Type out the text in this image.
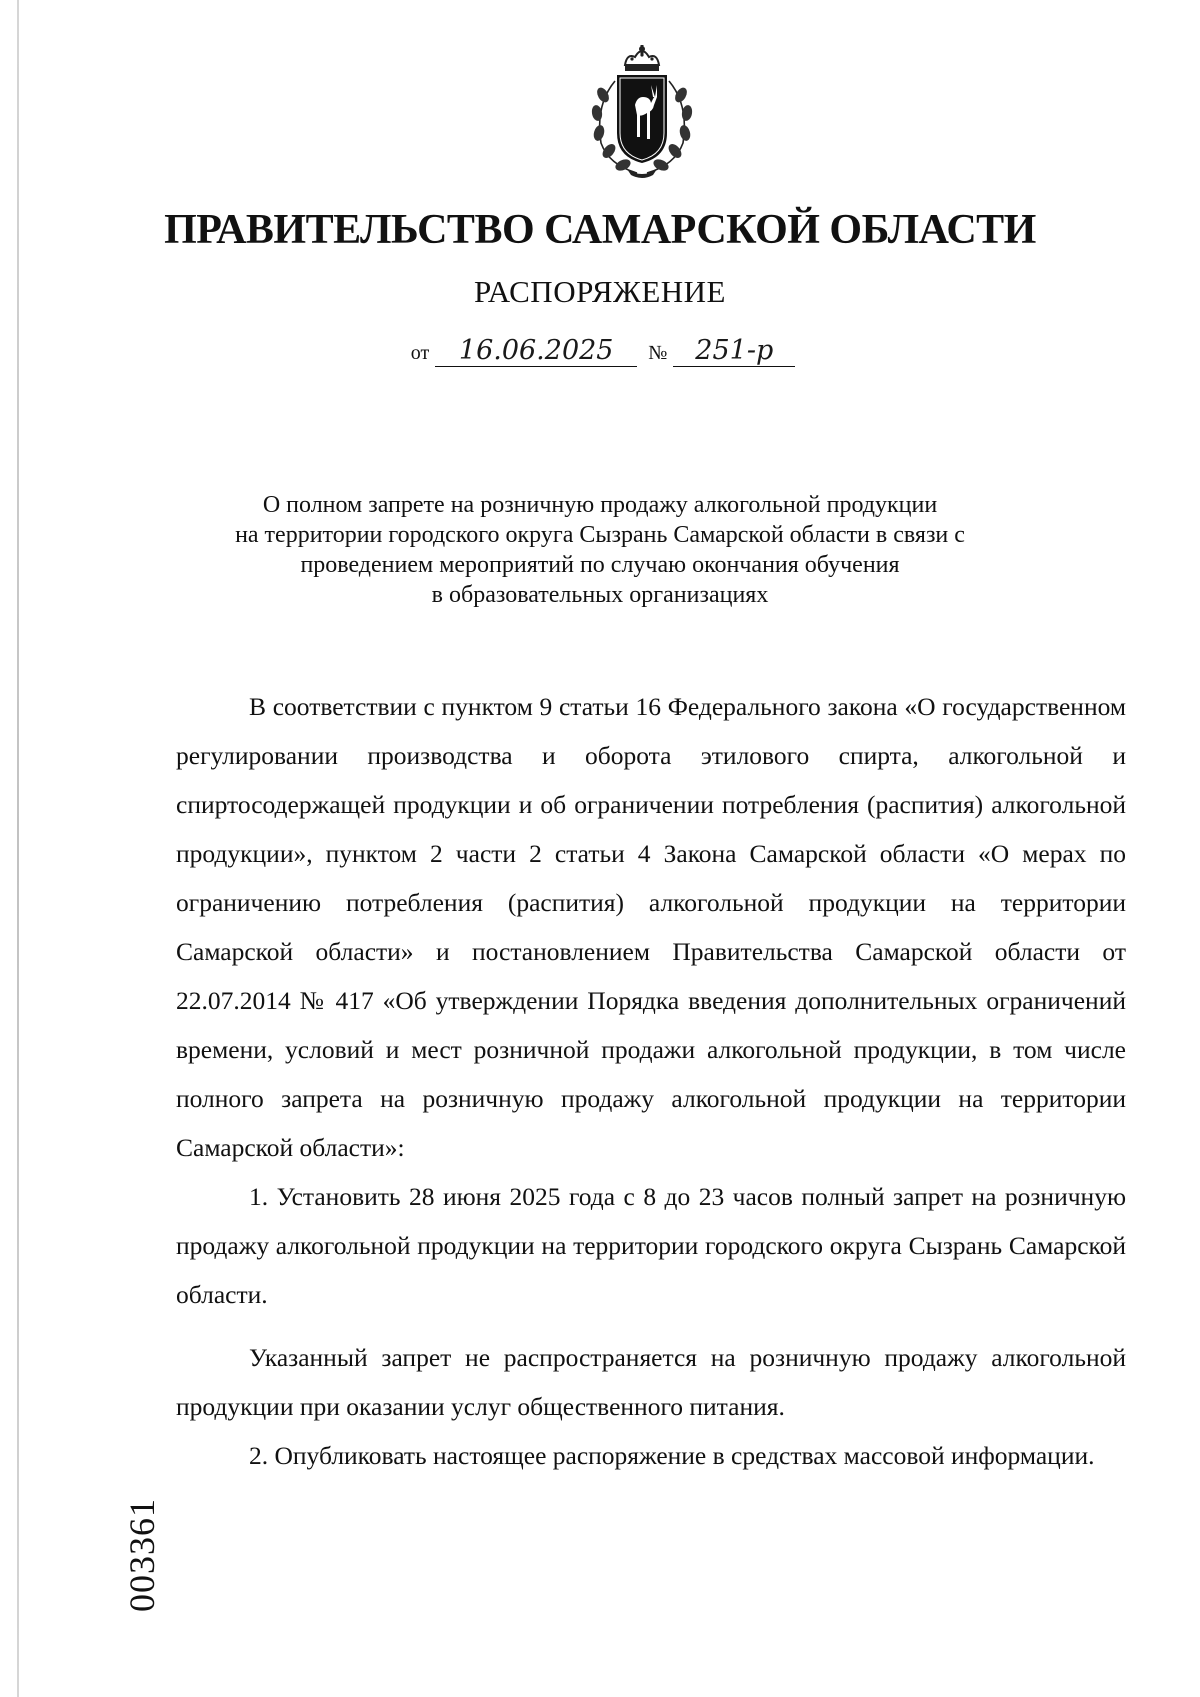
ПРАВИТЕЛЬСТВО САМАРСКОЙ ОБЛАСТИ
РАСПОРЯЖЕНИЕ
от 16.06.2025 № 251-р
О полном запрете на розничную продажу алкогольной продукции
на территории городского округа Сызрань Самарской области в связи с
проведением мероприятий по случаю окончания обучения
в образовательных организациях

В соответствии с пунктом 9 статьи 16 Федерального закона «О государственном регулировании производства и оборота этилового спирта, алкогольной и спиртосодержащей продукции и об ограничении потребления (распития) алкогольной продукции», пунктом 2 части 2 статьи 4 Закона Самарской области «О мерах по ограничению потребления (распития) алкогольной продукции на территории Самарской области» и постановлением Правительства Самарской области от 22.07.2014 № 417 «Об утверждении Порядка введения дополнительных ограничений времени, условий и мест розничной продажи алкогольной продукции, в том числе полного запрета на розничную продажу алкогольной продукции на территории Самарской области»:

1. Установить 28 июня 2025 года с 8 до 23 часов полный запрет на розничную продажу алкогольной продукции на территории городского округа Сызрань Самарской области.

Указанный запрет не распространяется на розничную продажу алкогольной продукции при оказании услуг общественного питания.

2. Опубликовать настоящее распоряжение в средствах массовой информации.

003361
